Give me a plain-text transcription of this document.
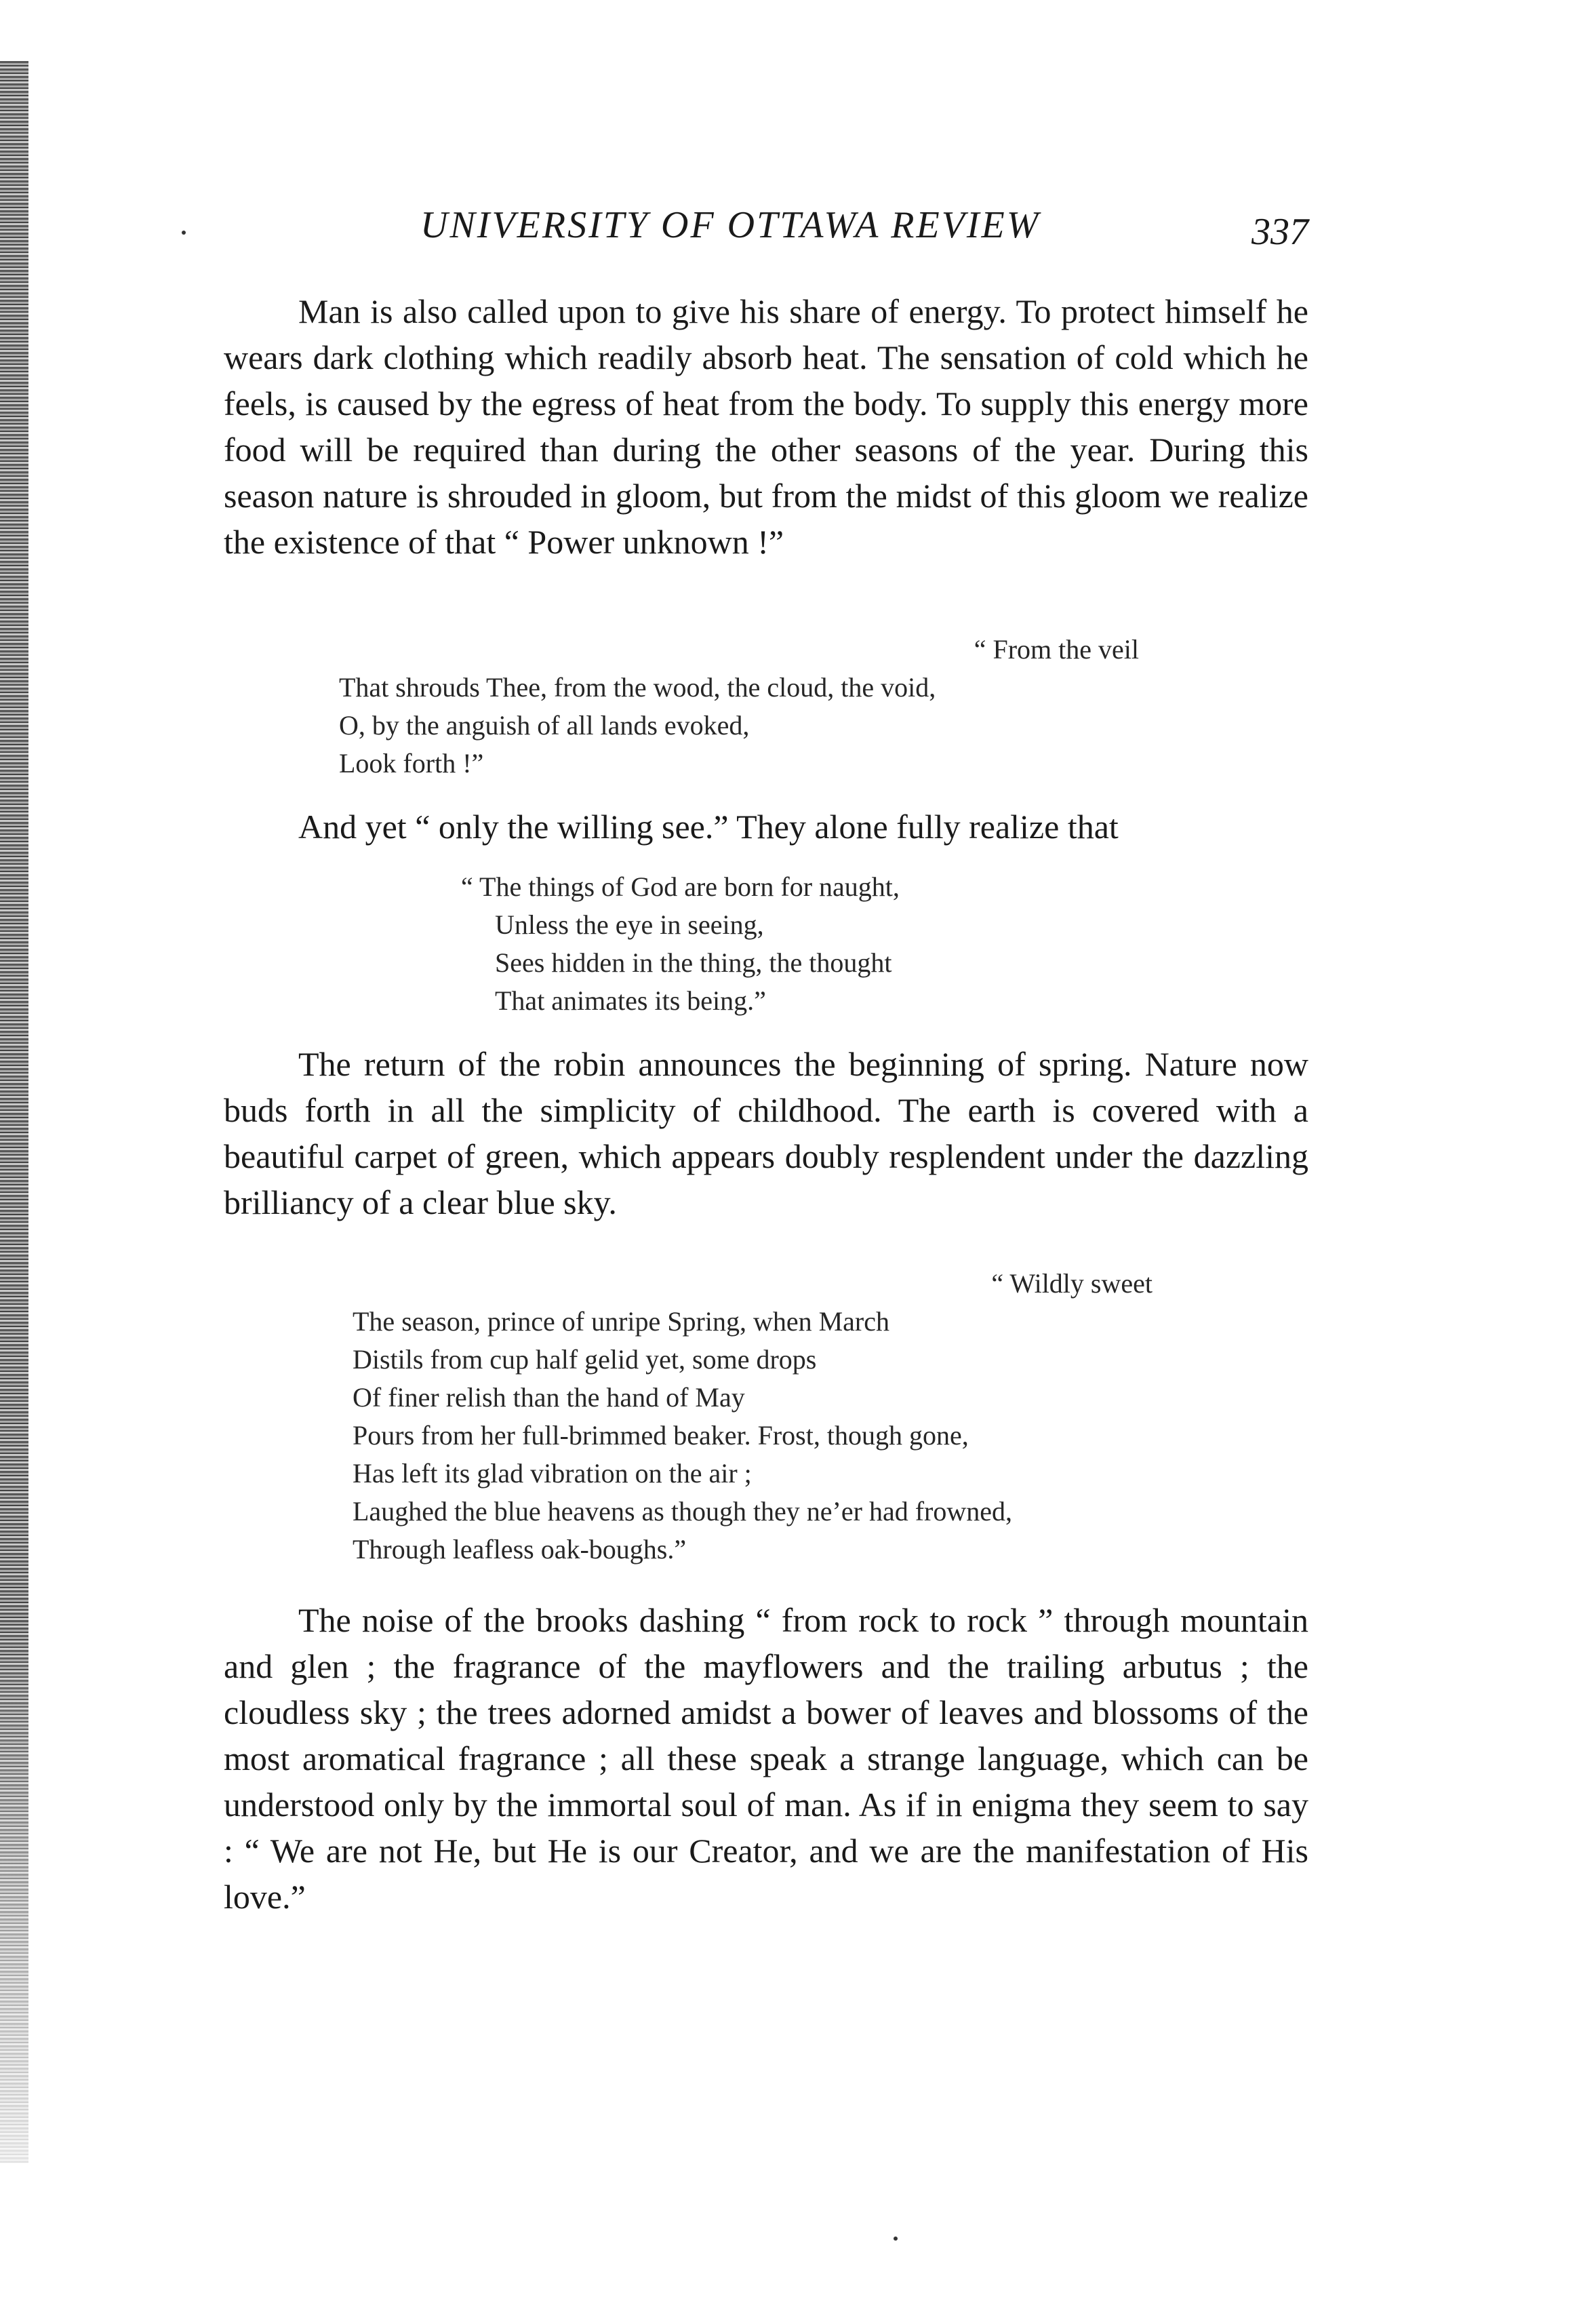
UNIVERSITY OF OTTAWA REVIEW	337

Man is also called upon to give his share of energy. To protect himself he wears dark clothing which readily absorb heat. The sensation of cold which he feels, is caused by the egress of heat from the body. To supply this energy more food will be required than during the other seasons of the year. During this season nature is shrouded in gloom, but from the midst of this gloom we realize the existence of that “ Power unknown !”

“ From the veil
That shrouds Thee, from the wood, the cloud, the void,
O, by the anguish of all lands evoked,
Look forth !”

And yet “ only the willing see.” They alone fully realize that

“ The things of God are born for naught,
Unless the eye in seeing,
Sees hidden in the thing, the thought
That animates its being.”

The return of the robin announces the beginning of spring. Nature now buds forth in all the simplicity of childhood. The earth is covered with a beautiful carpet of green, which appears doubly resplendent under the dazzling brilliancy of a clear blue sky.

“ Wildly sweet
The season, prince of unripe Spring, when March
Distils from cup half gelid yet, some drops
Of finer relish than the hand of May
Pours from her full-brimmed beaker. Frost, though gone,
Has left its glad vibration on the air ;
Laughed the blue heavens as though they ne’er had frowned,
Through leafless oak-boughs.”

The noise of the brooks dashing “ from rock to rock ” through mountain and glen ; the fragrance of the mayflowers and the trailing arbutus ; the cloudless sky ; the trees adorned amidst a bower of leaves and blossoms of the most aromatical fragrance ; all these speak a strange language, which can be understood only by the immortal soul of man. As if in enigma they seem to say : “ We are not He, but He is our Creator, and we are the manifestation of His love.”
